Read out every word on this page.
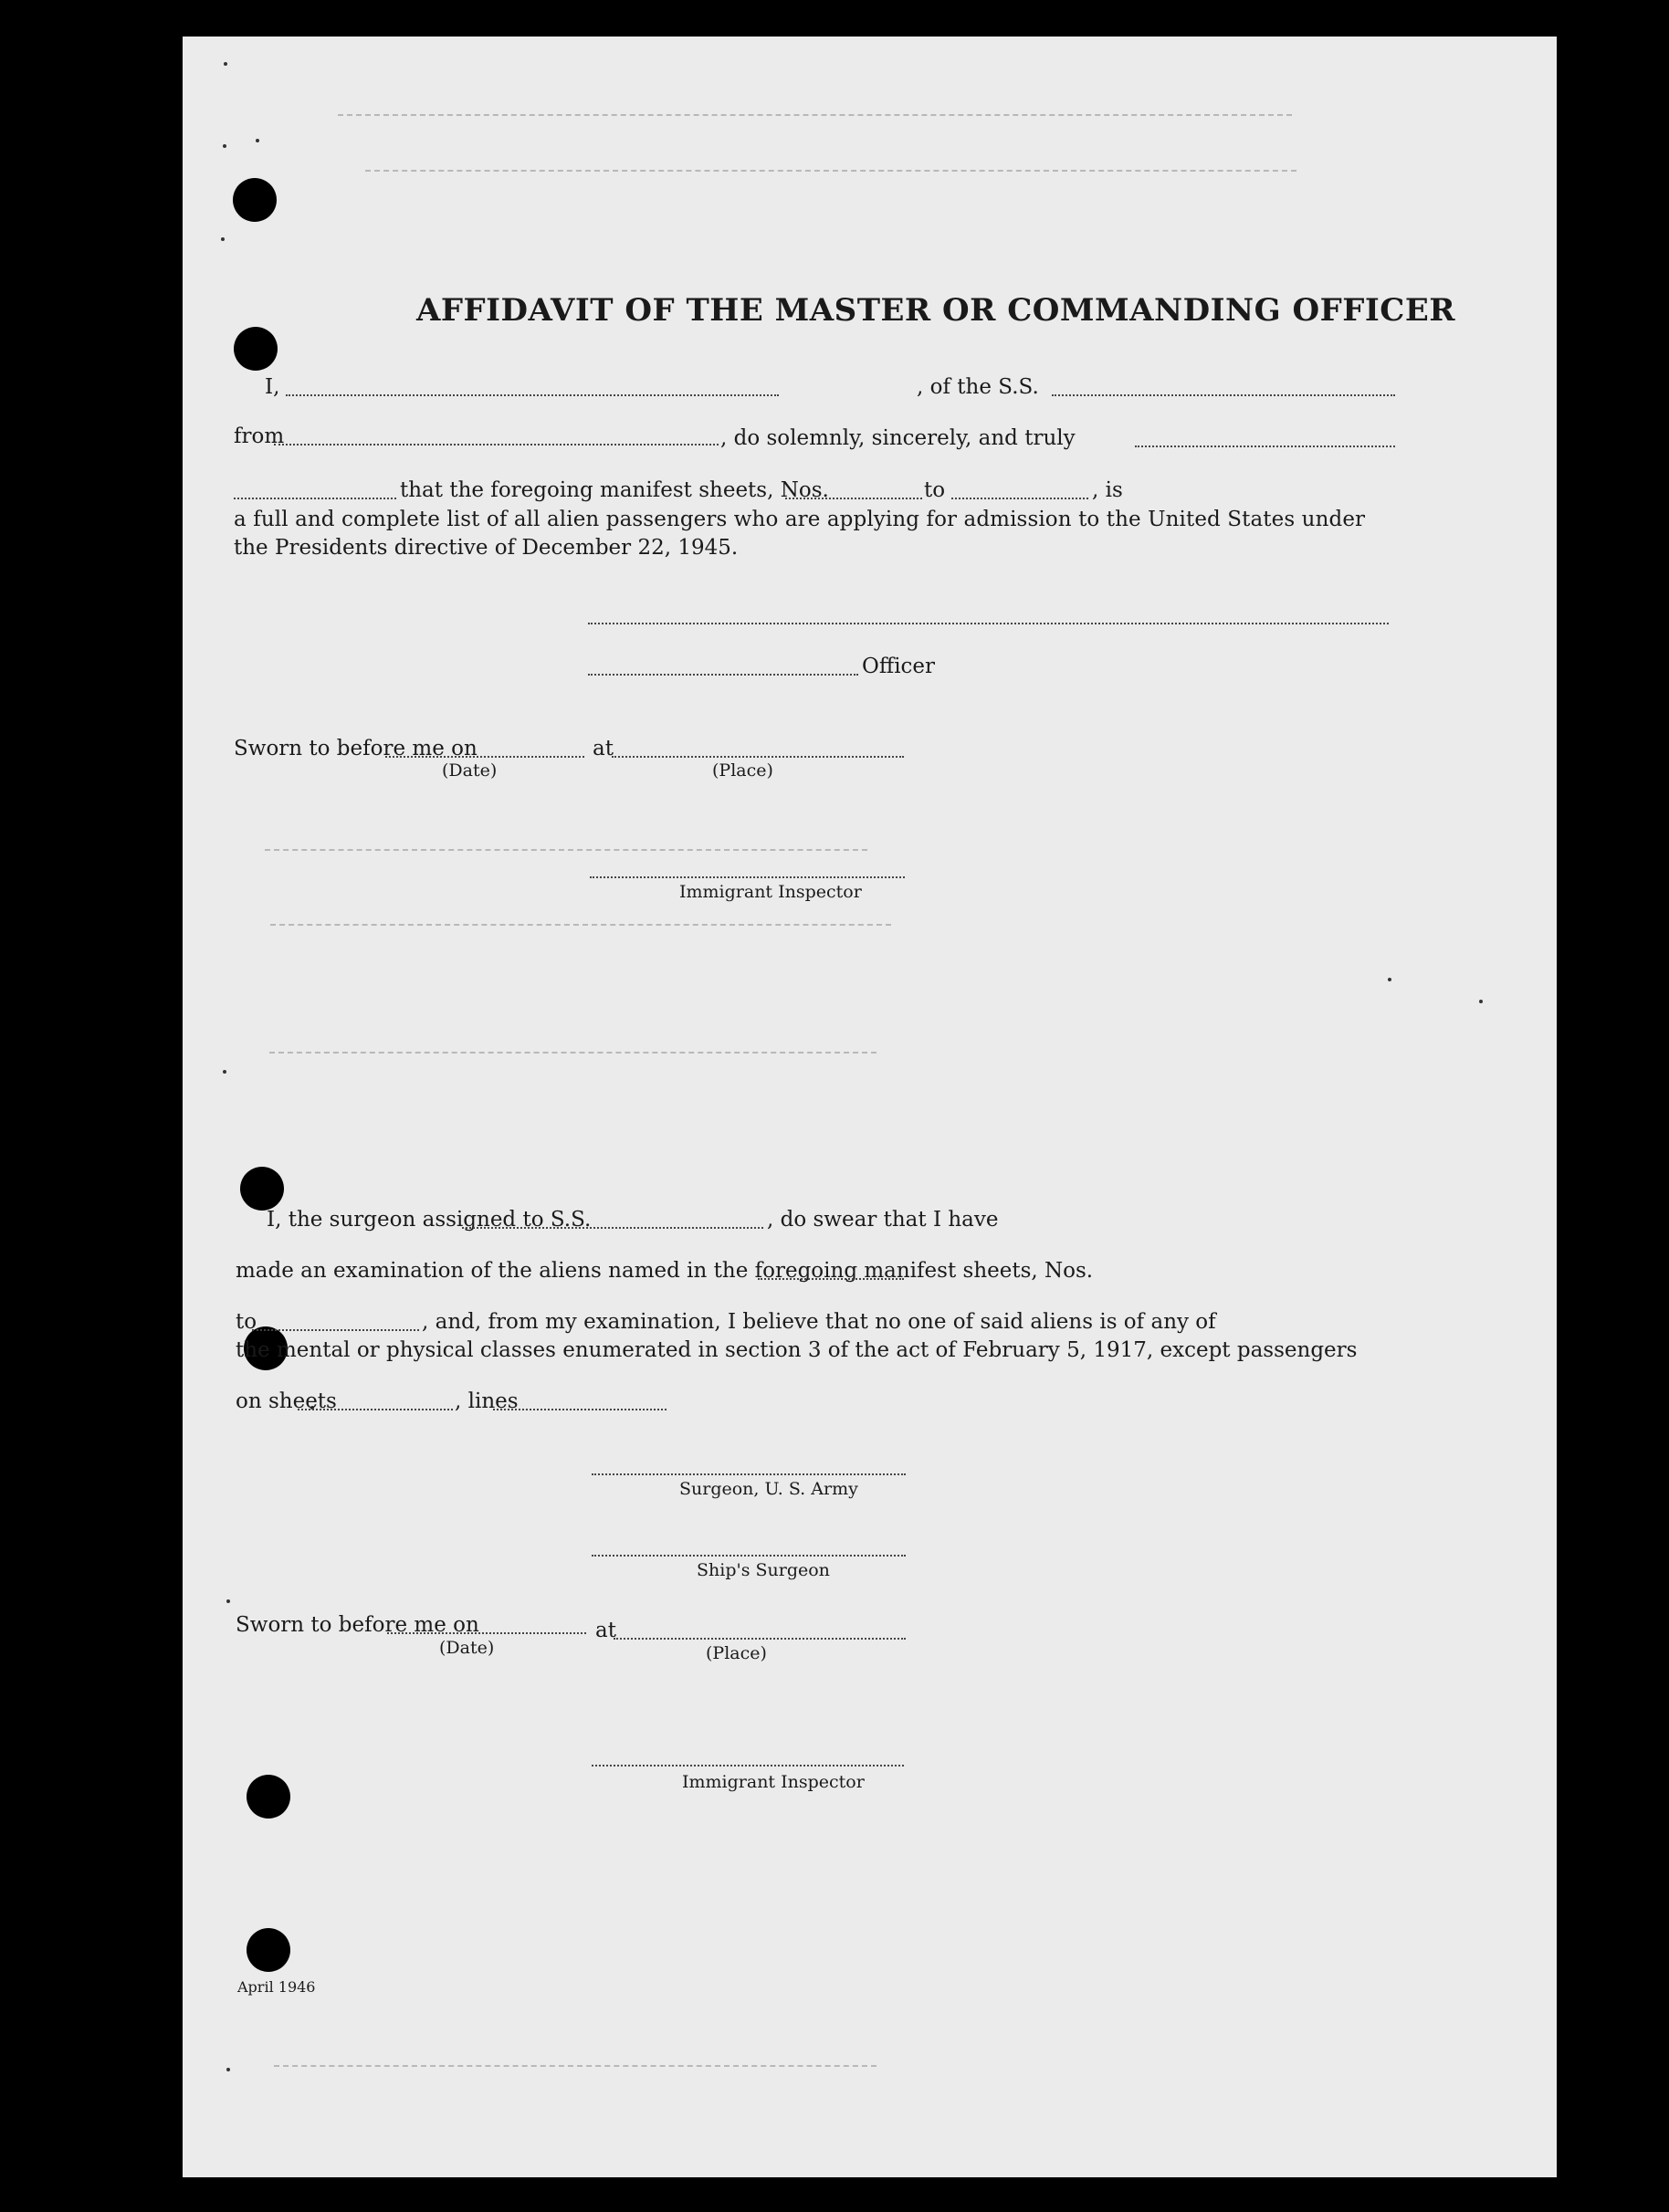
AFFIDAVIT OF THE MASTER OR COMMANDING OFFICER
I,	, of the S.S.
from	, do solemnly, sincerely, and truly
that the foregoing manifest sheets, Nos.	to	, is
a full and complete list of all alien passengers who are applying for admission to the United States under
the Presidents directive of December 22, 1945.
Officer
Sworn to before me on	at
(Date)	(Place)
Immigrant Inspector
I, the surgeon assigned to S.S.	, do swear that I have
made an examination of the aliens named in the foregoing manifest sheets, Nos.
to	, and, from my examination, I believe that no one of said aliens is of any of
the mental or physical classes enumerated in section 3 of the act of February 5, 1917, except passengers
on sheets	, lines
Surgeon, U. S. Army
Ship's Surgeon
Sworn to before me on	at
(Date)	(Place)
Immigrant Inspector
April 1946
